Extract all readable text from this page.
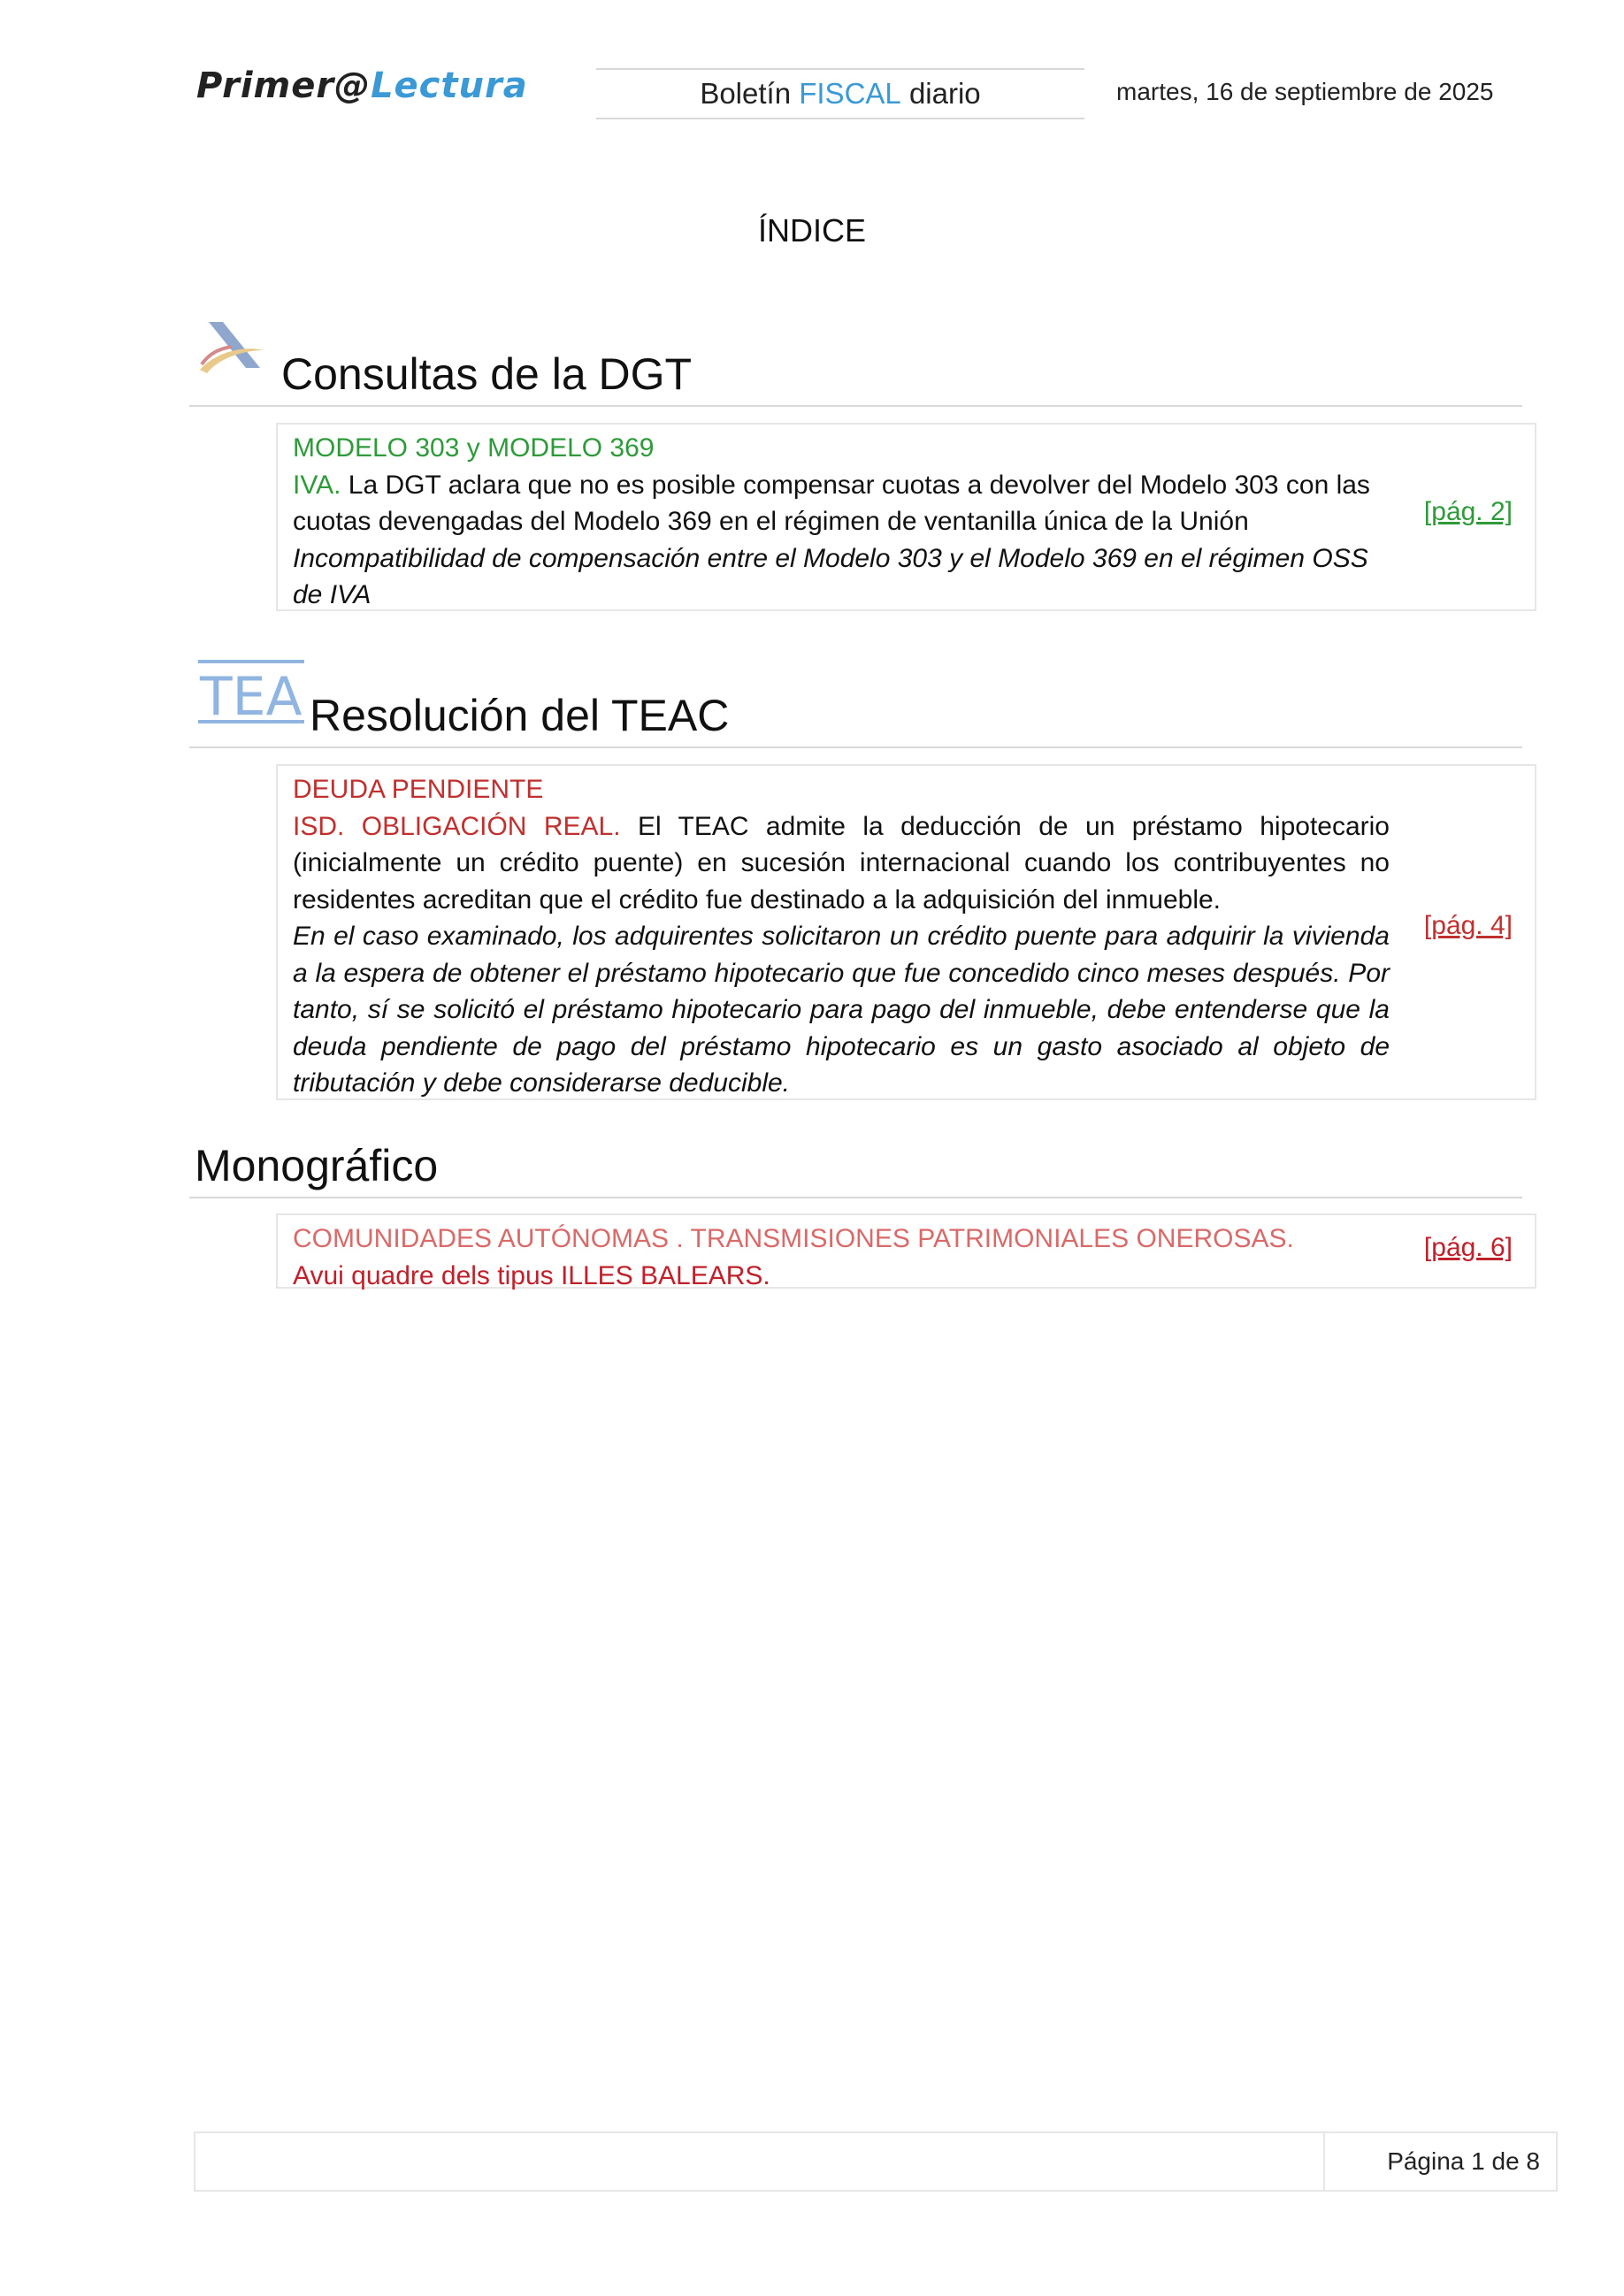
Primer@Lectura	Boletín
FISCAL
diario	martes, 16 de septiembre de 2025
ÍNDICE
Consultas de la DGT
MODELO 303 y MODELO 369
IVA. La DGT aclara que no es posible compensar cuotas a devolver del Modelo 303 con las cuotas devengadas del Modelo 369 en el régimen de ventanilla única de la Unión
Incompatibilidad de compensación entre el Modelo 303 y el Modelo 369 en el régimen OSS de IVA
[pág. 2]
TEA Resolución del TEAC
DEUDA PENDIENTE
ISD. OBLIGACIÓN REAL. El TEAC admite la deducción de un préstamo hipotecario (inicialmente un crédito puente) en sucesión internacional cuando los contribuyentes no residentes acreditan que el crédito fue destinado a la adquisición del inmueble.
En el caso examinado, los adquirentes solicitaron un crédito puente para adquirir la vivienda a la espera de obtener el préstamo hipotecario que fue concedido cinco meses después. Por tanto, sí se solicitó el préstamo hipotecario para pago del inmueble, debe entenderse que la deuda pendiente de pago del préstamo hipotecario es un gasto asociado al objeto de tributación y debe considerarse deducible.
[pág. 4]
Monográfico
COMUNIDADES AUTÓNOMAS . TRANSMISIONES PATRIMONIALES ONEROSAS.
Avui quadre dels tipus ILLES BALEARS.
[pág. 6]
Página 1 de 8
